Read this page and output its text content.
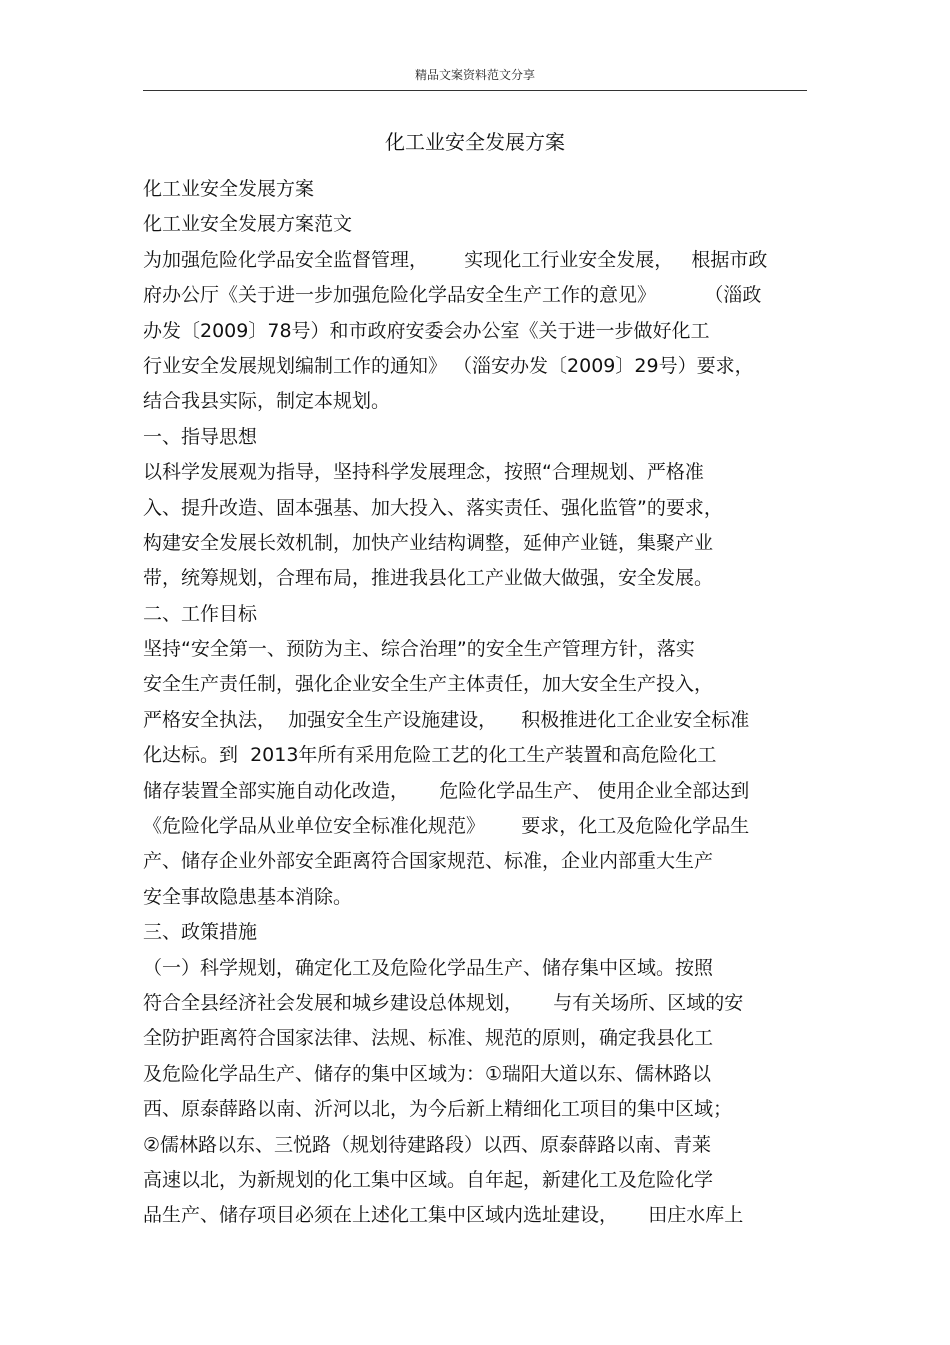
精品文案资料范文分享
化工业安全发展方案
化工业安全发展方案
化工业安全发展方案范文
为加强危险化学品安全监督管理，      实现化工行业安全发展，   根据市政
府办公厅《关于进一步加强危险化学品安全生产工作的意见》        （淄政
办发〔2009〕78号）和市政府安委会办公室《关于进一步做好化工
行业安全发展规划编制工作的通知》 （淄安办发〔2009〕29号）要求，
结合我县实际，制定本规划。
一、指导思想
以科学发展观为指导，坚持科学发展理念，按照“合理规划、严格准
入、提升改造、固本强基、加大投入、落实责任、强化监管”的要求，
构建安全发展长效机制，加快产业结构调整，延伸产业链，集聚产业
带，统筹规划，合理布局，推进我县化工产业做大做强，安全发展。
二、工作目标
坚持“安全第一、预防为主、综合治理”的安全生产管理方针，落实
安全生产责任制，强化企业安全生产主体责任，加大安全生产投入，
严格安全执法，  加强安全生产设施建设，    积极推进化工企业安全标准
化达标。到  2013年所有采用危险工艺的化工生产装置和高危险化工
储存装置全部实施自动化改造，     危险化学品生产、 使用企业全部达到
《危险化学品从业单位安全标准化规范》      要求，化工及危险化学品生
产、储存企业外部安全距离符合国家规范、标准，企业内部重大生产
安全事故隐患基本消除。
三、政策措施
（一）科学规划，确定化工及危险化学品生产、储存集中区域。按照
符合全县经济社会发展和城乡建设总体规划，     与有关场所、区域的安
全防护距离符合国家法律、法规、标准、规范的原则，确定我县化工
及危险化学品生产、储存的集中区域为：①瑞阳大道以东、儒林路以
西、原泰薛路以南、沂河以北，为今后新上精细化工项目的集中区域；
②儒林路以东、三悦路（规划待建路段）以西、原泰薛路以南、青莱
高速以北，为新规划的化工集中区域。自年起，新建化工及危险化学
品生产、储存项目必须在上述化工集中区域内选址建设，     田庄水库上
